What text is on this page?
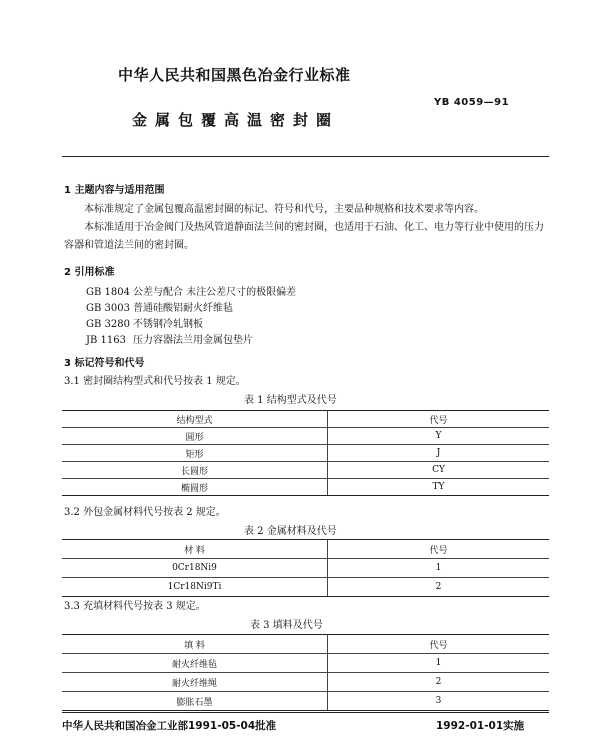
中华人民共和国黑色冶金行业标准
YB 4059—91
金属包覆高温密封圈
1 主题内容与适用范围
本标准规定了金属包覆高温密封圈的标记、符号和代号，主要品种规格和技术要求等内容。
本标准适用于冶金阀门及热风管道静面法兰间的密封圈，也适用于石油、化工、电力等行业中使用的压力容器和管道法兰间的密封圈。
2 引用标准
GB 1804 公差与配合 未注公差尺寸的极限偏差
GB 3003 普通硅酸铝耐火纤维毡
GB 3280 不锈钢冷轧钢板
JB 1163 压力容器法兰用金属包垫片
3 标记符号和代号
3.1 密封圈结构型式和代号按表 1 规定。
表 1 结构型式及代号
结构型式	代号
圆形	Y
矩形	J
长圆形	CY
椭圆形	TY
3.2 外包金属材料代号按表 2 规定。
表 2 金属材料及代号
材 料	代号
0Cr18Ni9	1
1Cr18Ni9Ti	2
3.3 充填材料代号按表 3 规定。
表 3 填料及代号
填 料	代号
耐火纤维毡	1
耐火纤维绳	2
膨胀石墨	3
中华人民共和国冶金工业部1991-05-04批准	1992-01-01实施
